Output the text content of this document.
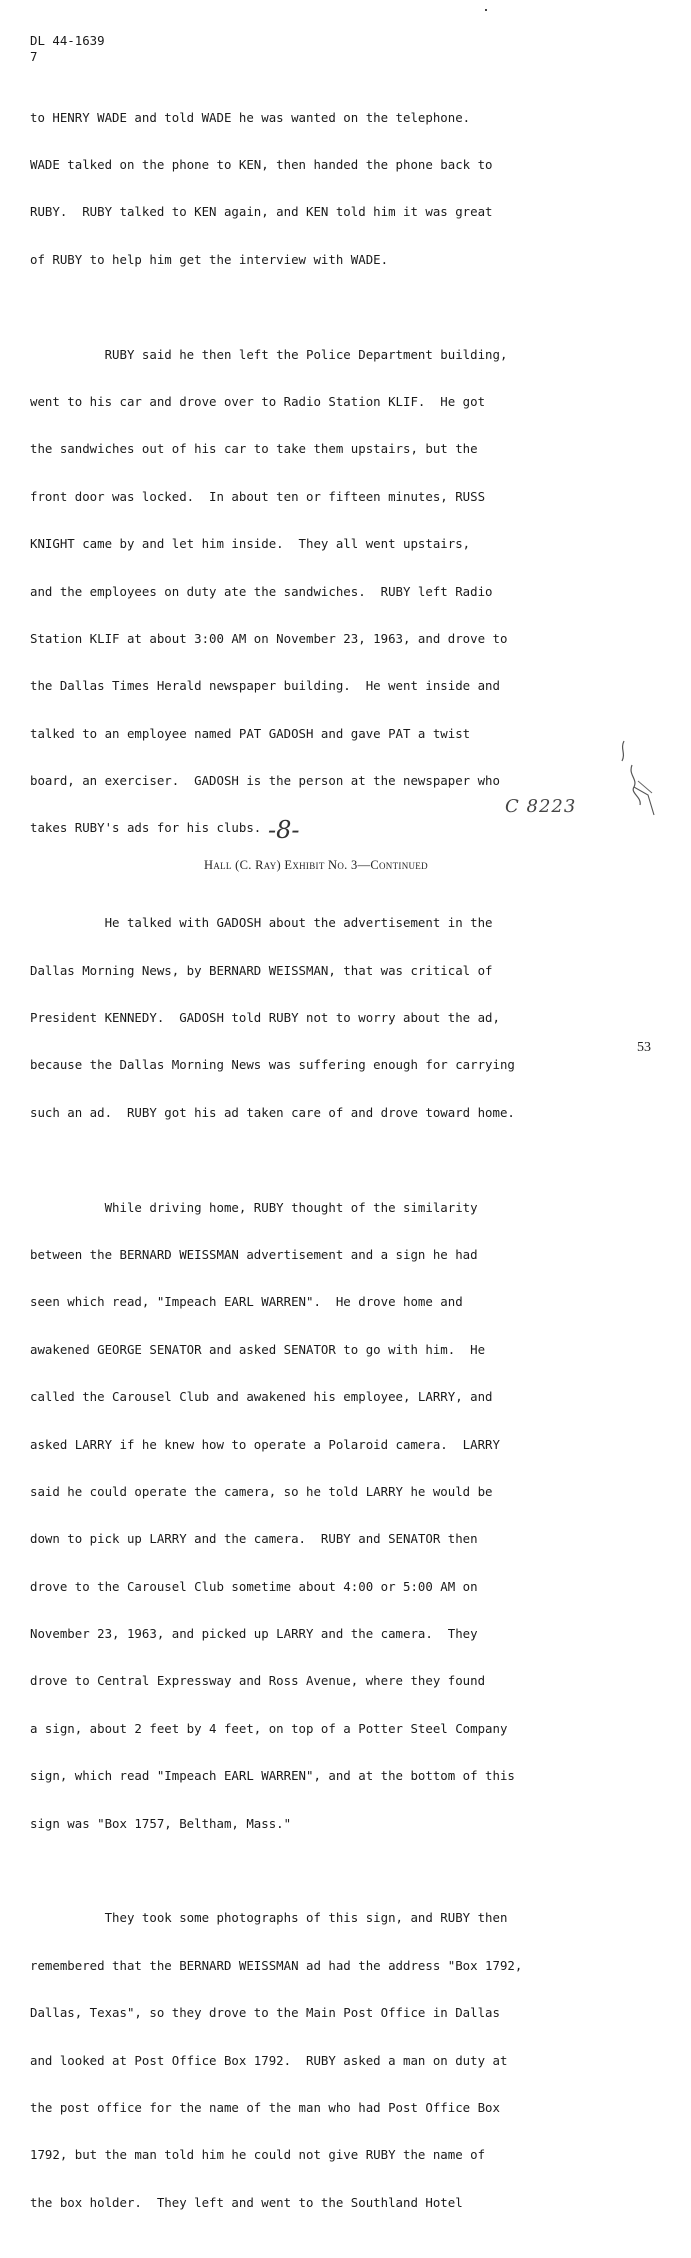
DL 44-1639
7

to HENRY WADE and told WADE he was wanted on the telephone.

WADE talked on the phone to KEN, then handed the phone back to

RUBY.  RUBY talked to KEN again, and KEN told him it was great

of RUBY to help him get the interview with WADE.

RUBY said he then left the Police Department building,

went to his car and drove over to Radio Station KLIF.  He got

the sandwiches out of his car to take them upstairs, but the

front door was locked.  In about ten or fifteen minutes, RUSS

KNIGHT came by and let him inside.  They all went upstairs,

and the employees on duty ate the sandwiches.  RUBY left Radio

Station KLIF at about 3:00 AM on November 23, 1963, and drove to

the Dallas Times Herald newspaper building.  He went inside and

talked to an employee named PAT GADOSH and gave PAT a twist

board, an exerciser.  GADOSH is the person at the newspaper who

takes RUBY's ads for his clubs.

He talked with GADOSH about the advertisement in the

Dallas Morning News, by BERNARD WEISSMAN, that was critical of

President KENNEDY.  GADOSH told RUBY not to worry about the ad,

because the Dallas Morning News was suffering enough for carrying

such an ad.  RUBY got his ad taken care of and drove toward home.

While driving home, RUBY thought of the similarity

between the BERNARD WEISSMAN advertisement and a sign he had

seen which read, "Impeach EARL WARREN".  He drove home and

awakened GEORGE SENATOR and asked SENATOR to go with him.  He

called the Carousel Club and awakened his employee, LARRY, and

asked LARRY if he knew how to operate a Polaroid camera.  LARRY

said he could operate the camera, so he told LARRY he would be

down to pick up LARRY and the camera.  RUBY and SENATOR then

drove to the Carousel Club sometime about 4:00 or 5:00 AM on

November 23, 1963, and picked up LARRY and the camera.  They

drove to Central Expressway and Ross Avenue, where they found

a sign, about 2 feet by 4 feet, on top of a Potter Steel Company

sign, which read "Impeach EARL WARREN", and at the bottom of this

sign was "Box 1757, Beltham, Mass."

They took some photographs of this sign, and RUBY then

remembered that the BERNARD WEISSMAN ad had the address "Box 1792,

Dallas, Texas", so they drove to the Main Post Office in Dallas

and looked at Post Office Box 1792.  RUBY asked a man on duty at

the post office for the name of the man who had Post Office Box

1792, but the man told him he could not give RUBY the name of

the box holder.  They left and went to the Southland Hotel

-8-
C 8223
Hall (C. Ray) Exhibit No. 3—Continued
53
